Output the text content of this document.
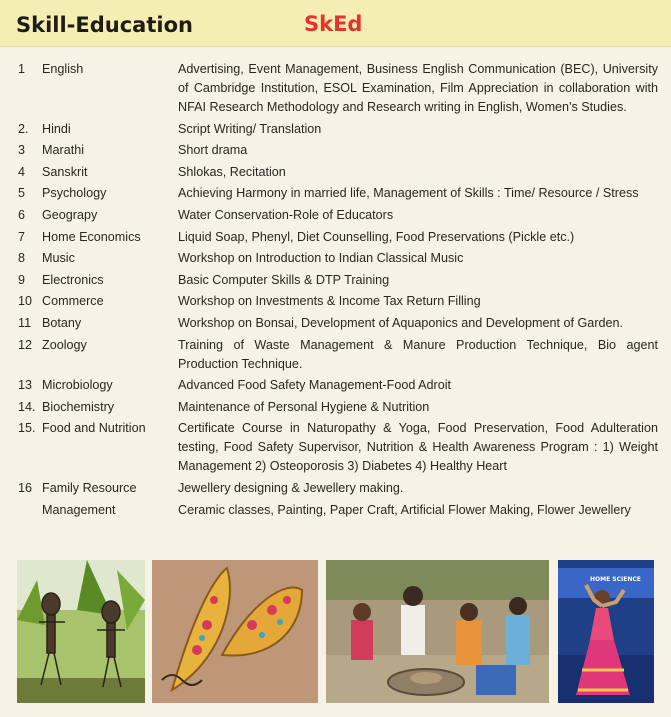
Skill-Education	SkEd
1	English	Advertising, Event Management, Business English Communication (BEC), University of Cambridge Institution, ESOL Examination, Film Appreciation in collaboration with NFAI Research Methodology and Research writing in English, Women's Studies.
2.	Hindi	Script Writing/ Translation
3	Marathi	Short drama
4	Sanskrit	Shlokas, Recitation
5	Psychology	Achieving Harmony in married life, Management of Skills : Time/ Resource / Stress
6	Geograpy	Water Conservation-Role of Educators
7	Home Economics	Liquid Soap, Phenyl, Diet Counselling, Food Preservations (Pickle etc.)
8	Music	Workshop on Introduction to Indian Classical Music
9	Electronics	Basic Computer Skills & DTP Training
10 Commerce	Workshop on Investments & Income Tax Return Filling
11 Botany	Workshop on Bonsai, Development of Aquaponics and Development of Garden.
12 Zoology	Training of Waste Management & Manure Production Technique, Bio agent Production Technique.
13 Microbiology	Advanced Food Safety Management-Food Adroit
14. Biochemistry	Maintenance of Personal Hygiene & Nutrition
15. Food and Nutrition	Certificate Course in Naturopathy & Yoga, Food Preservation, Food Adulteration testing, Food Safety Supervisor, Nutrition & Health Awareness Program : 1) Weight Management 2) Osteoporosis 3) Diabetes 4) Healthy Heart
16 Family Resource	Jewellery designing & Jewellery making.
Management	Ceramic classes, Painting, Paper Craft, Artificial Flower Making, Flower Jewellery
HOME SCIENCE
